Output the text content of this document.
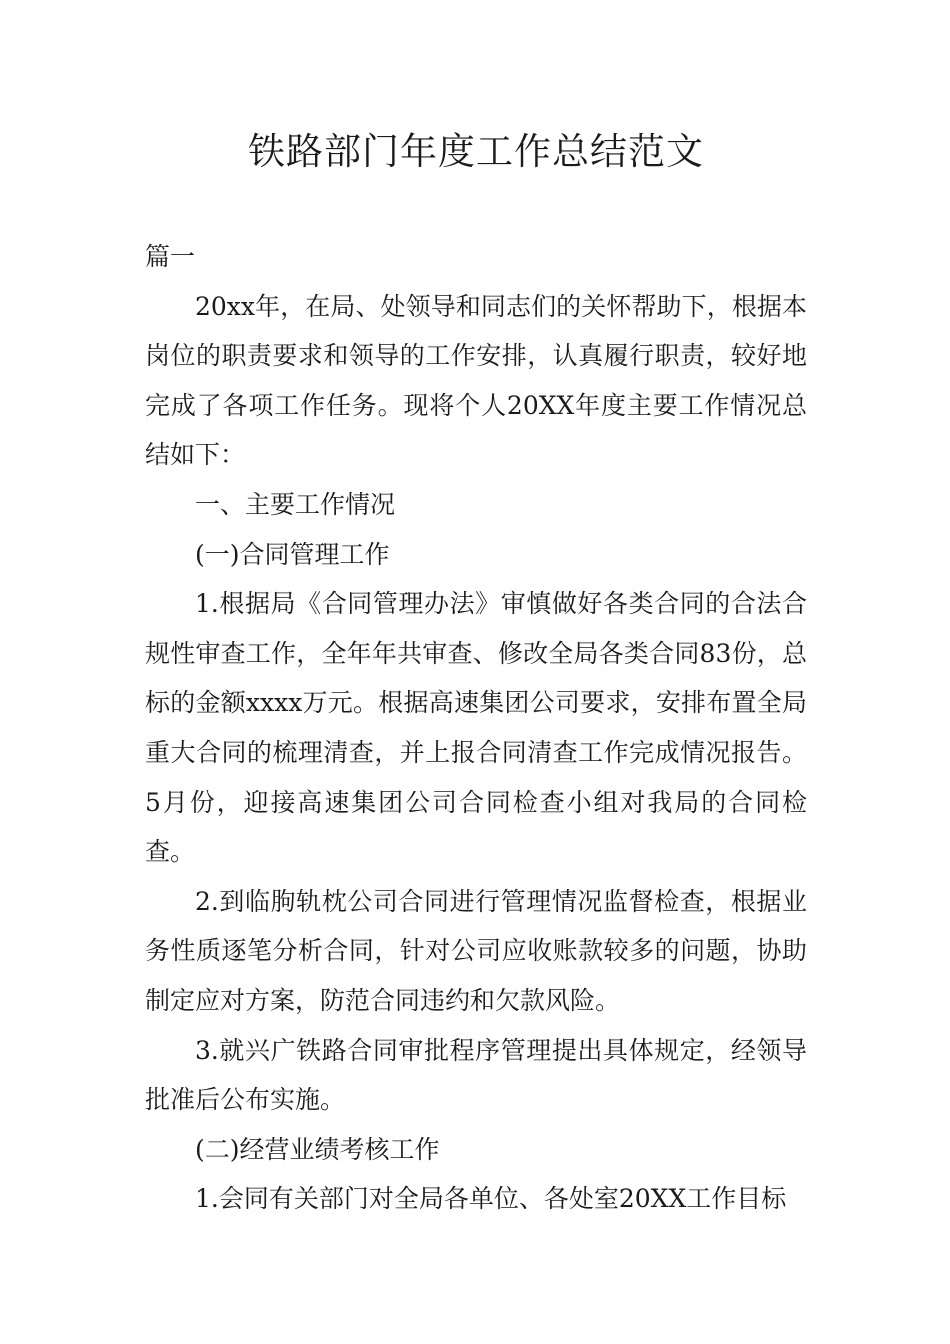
铁路部门年度工作总结范文

篇一

20xx年，在局、处领导和同志们的关怀帮助下，根据本岗位的职责要求和领导的工作安排，认真履行职责，较好地完成了各项工作任务。现将个人20XX年度主要工作情况总结如下：

一、主要工作情况

(一)合同管理工作

1.根据局《合同管理办法》审慎做好各类合同的合法合规性审查工作，全年年共审查、修改全局各类合同83份，总标的金额xxxx万元。根据高速集团公司要求，安排布置全局重大合同的梳理清查，并上报合同清查工作完成情况报告。5月份，迎接高速集团公司合同检查小组对我局的合同检查。

2.到临朐轨枕公司合同进行管理情况监督检查，根据业务性质逐笔分析合同，针对公司应收账款较多的问题，协助制定应对方案，防范合同违约和欠款风险。

3.就兴广铁路合同审批程序管理提出具体规定，经领导批准后公布实施。

(二)经营业绩考核工作

1.会同有关部门对全局各单位、各处室20XX工作目标
